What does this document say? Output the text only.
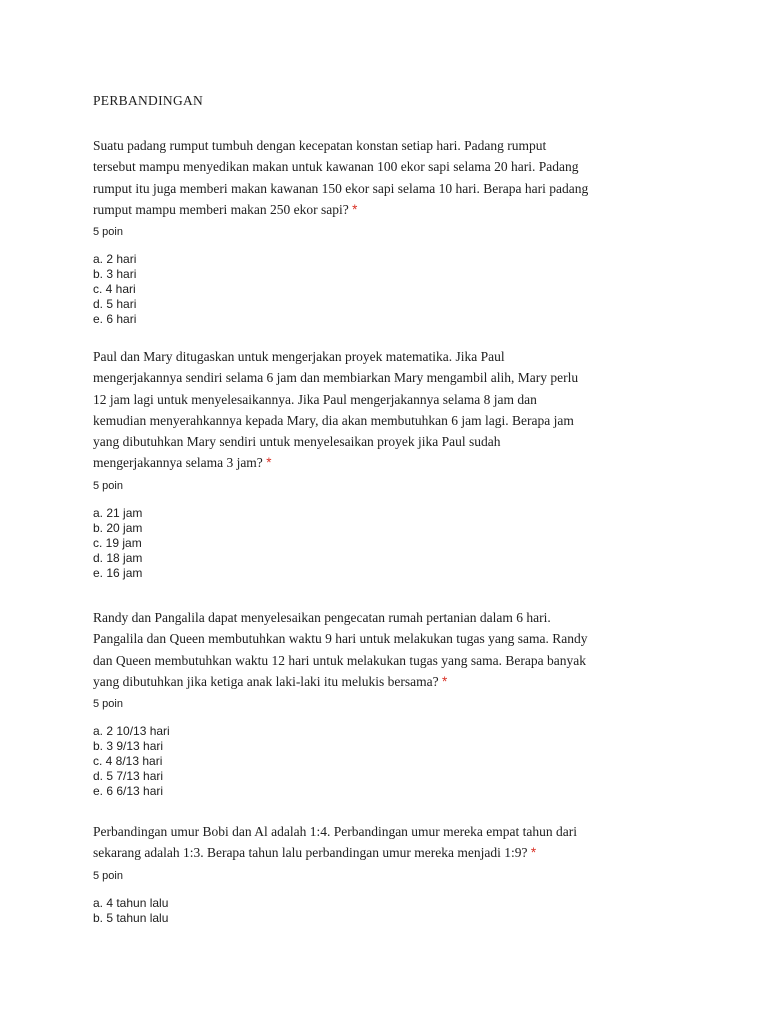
PERBANDINGAN

Suatu padang rumput tumbuh dengan kecepatan konstan setiap hari. Padang rumput
tersebut mampu menyedikan makan untuk kawanan 100 ekor sapi selama 20 hari. Padang
rumput itu juga memberi makan kawanan 150 ekor sapi selama 10 hari. Berapa hari padang
rumput mampu memberi makan 250 ekor sapi? *

5 poin
a. 2 hari
b. 3 hari
c. 4 hari
d. 5 hari
e. 6 hari

Paul dan Mary ditugaskan untuk mengerjakan proyek matematika. Jika Paul
mengerjakannya sendiri selama 6 jam dan membiarkan Mary mengambil alih, Mary perlu
12 jam lagi untuk menyelesaikannya. Jika Paul mengerjakannya selama 8 jam dan
kemudian menyerahkannya kepada Mary, dia akan membutuhkan 6 jam lagi. Berapa jam
yang dibutuhkan Mary sendiri untuk menyelesaikan proyek jika Paul sudah
mengerjakannya selama 3 jam? *

5 poin
a. 21 jam
b. 20 jam
c. 19 jam
d. 18 jam
e. 16 jam

Randy dan Pangalila dapat menyelesaikan pengecatan rumah pertanian dalam 6 hari.
Pangalila dan Queen membutuhkan waktu 9 hari untuk melakukan tugas yang sama. Randy
dan Queen membutuhkan waktu 12 hari untuk melakukan tugas yang sama. Berapa banyak
yang dibutuhkan jika ketiga anak laki-laki itu melukis bersama? *

5 poin
a. 2 10/13 hari
b. 3 9/13 hari
c. 4 8/13 hari
d. 5 7/13 hari
e. 6 6/13 hari

Perbandingan umur Bobi dan Al adalah 1:4. Perbandingan umur mereka empat tahun dari
sekarang adalah 1:3. Berapa tahun lalu perbandingan umur mereka menjadi 1:9? *

5 poin
a. 4 tahun lalu
b. 5 tahun lalu
